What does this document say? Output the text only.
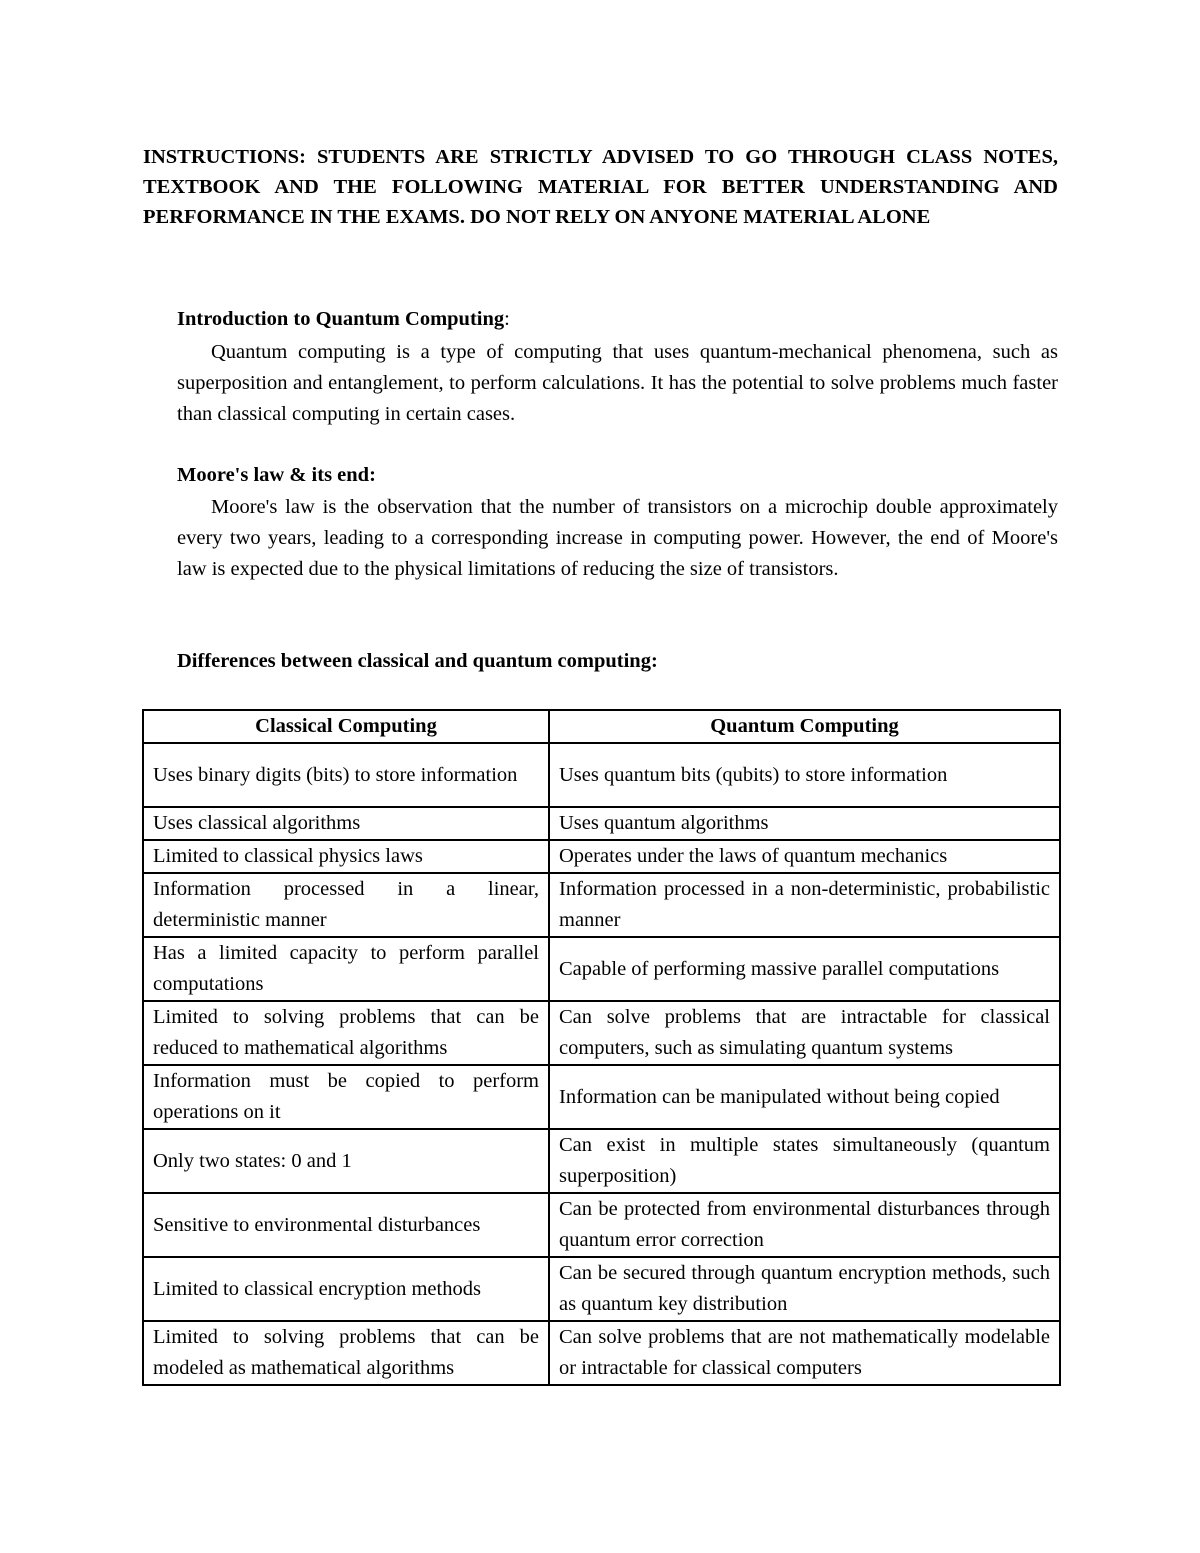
INSTRUCTIONS: STUDENTS ARE STRICTLY ADVISED TO GO THROUGH CLASS NOTES, TEXTBOOK AND THE FOLLOWING MATERIAL FOR BETTER UNDERSTANDING AND PERFORMANCE IN THE EXAMS. DO NOT RELY ON ANYONE MATERIAL ALONE

Introduction to Quantum Computing:

Quantum computing is a type of computing that uses quantum-mechanical phenomena, such as superposition and entanglement, to perform calculations. It has the potential to solve problems much faster than classical computing in certain cases.

Moore's law & its end:

Moore's law is the observation that the number of transistors on a microchip double approximately every two years, leading to a corresponding increase in computing power. However, the end of Moore's law is expected due to the physical limitations of reducing the size of transistors.

Differences between classical and quantum computing:

Classical Computing	Quantum Computing
Uses binary digits (bits) to store information	Uses quantum bits (qubits) to store information
Uses classical algorithms	Uses quantum algorithms
Limited to classical physics laws	Operates under the laws of quantum mechanics
Information processed in a linear, deterministic manner	Information processed in a non-deterministic, probabilistic manner
Has a limited capacity to perform parallel computations	Capable of performing massive parallel computations
Limited to solving problems that can be reduced to mathematical algorithms	Can solve problems that are intractable for classical computers, such as simulating quantum systems
Information must be copied to perform operations on it	Information can be manipulated without being copied
Only two states: 0 and 1	Can exist in multiple states simultaneously (quantum superposition)
Sensitive to environmental disturbances	Can be protected from environmental disturbances through quantum error correction
Limited to classical encryption methods	Can be secured through quantum encryption methods, such as quantum key distribution
Limited to solving problems that can be modeled as mathematical algorithms	Can solve problems that are not mathematically modelable or intractable for classical computers
